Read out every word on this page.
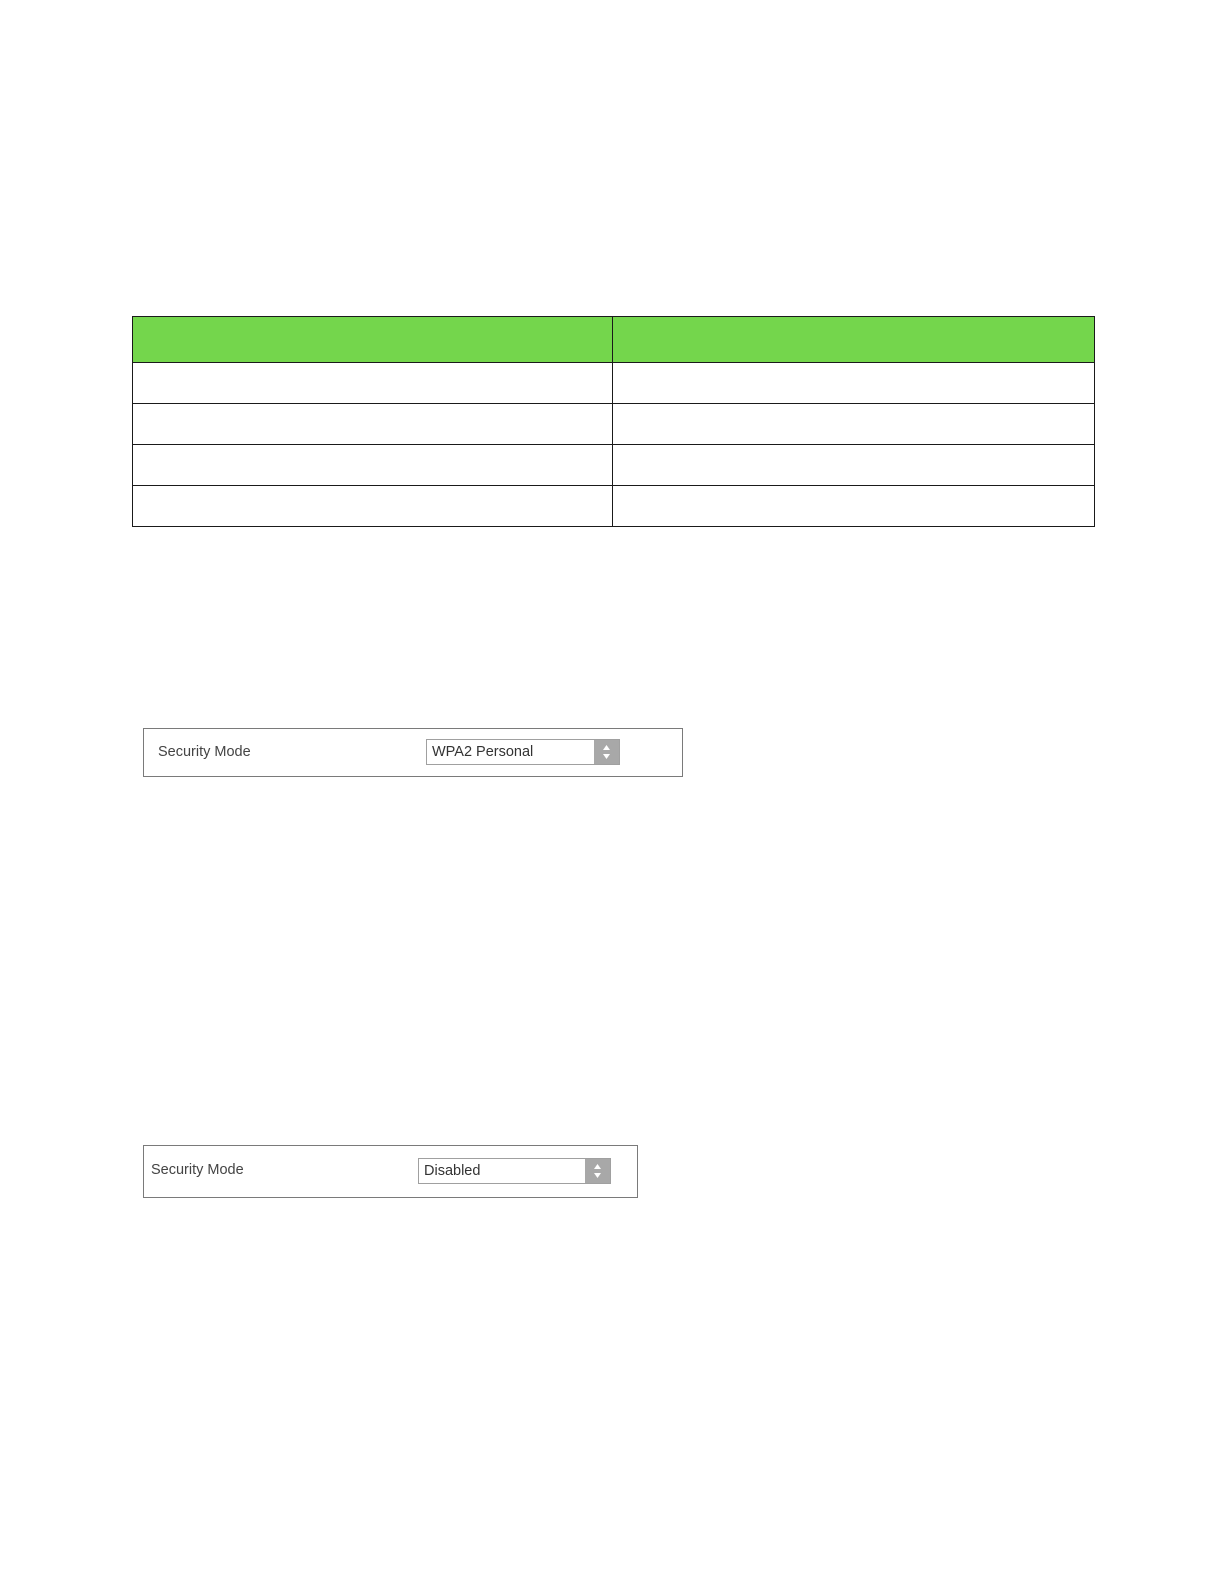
Security Mode	WPA2 Personal
Security Mode	Disabled
